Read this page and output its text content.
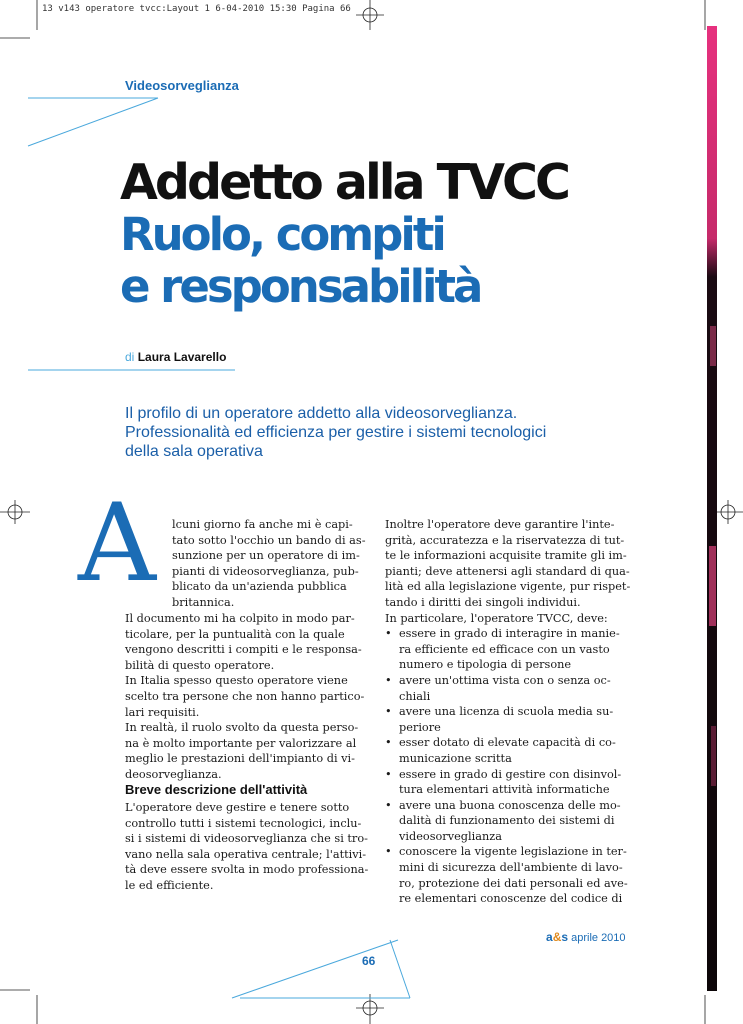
13 v143 operatore tvcc:Layout 1 6-04-2010 15:30 Pagina 66
Videosorveglianza
Addetto alla TVCC
Ruolo, compiti
e responsabilità
di Laura Lavarello
Il profilo di un operatore addetto alla videosorveglianza.
Professionalità ed efficienza per gestire i sistemi tecnologici
della sala operativa
A lcuni giorno fa anche mi è capi-
tato sotto l'occhio un bando di as-
sunzione per un operatore di im-
pianti di videosorveglianza, pub-
blicato da un'azienda pubblica
britannica.
Il documento mi ha colpito in modo par-
ticolare, per la puntualità con la quale
vengono descritti i compiti e le responsa-
bilità di questo operatore.
In Italia spesso questo operatore viene
scelto tra persone che non hanno partico-
lari requisiti.
In realtà, il ruolo svolto da questa perso-
na è molto importante per valorizzare al
meglio le prestazioni dell'impianto di vi-
deosorveglianza.
Breve descrizione dell'attività
L'operatore deve gestire e tenere sotto
controllo tutti i sistemi tecnologici, inclu-
si i sistemi di videosorveglianza che si tro-
vano nella sala operativa centrale; l'attivi-
tà deve essere svolta in modo professiona-
le ed efficiente.
Inoltre l'operatore deve garantire l'inte-
grità, accuratezza e la riservatezza di tut-
te le informazioni acquisite tramite gli im-
pianti; deve attenersi agli standard di qua-
lità ed alla legislazione vigente, pur rispet-
tando i diritti dei singoli individui.
In particolare, l'operatore TVCC, deve:
• essere in grado di interagire in manie-
ra efficiente ed efficace con un vasto
numero e tipologia di persone
• avere un'ottima vista con o senza oc-
chiali
• avere una licenza di scuola media su-
periore
• esser dotato di elevate capacità di co-
municazione scritta
• essere in grado di gestire con disinvol-
tura elementari attività informatiche
• avere una buona conoscenza delle mo-
dalità di funzionamento dei sistemi di
videosorveglianza
• conoscere la vigente legislazione in ter-
mini di sicurezza dell'ambiente di lavo-
ro, protezione dei dati personali ed ave-
re elementari conoscenze del codice di
a&s aprile 2010
66
